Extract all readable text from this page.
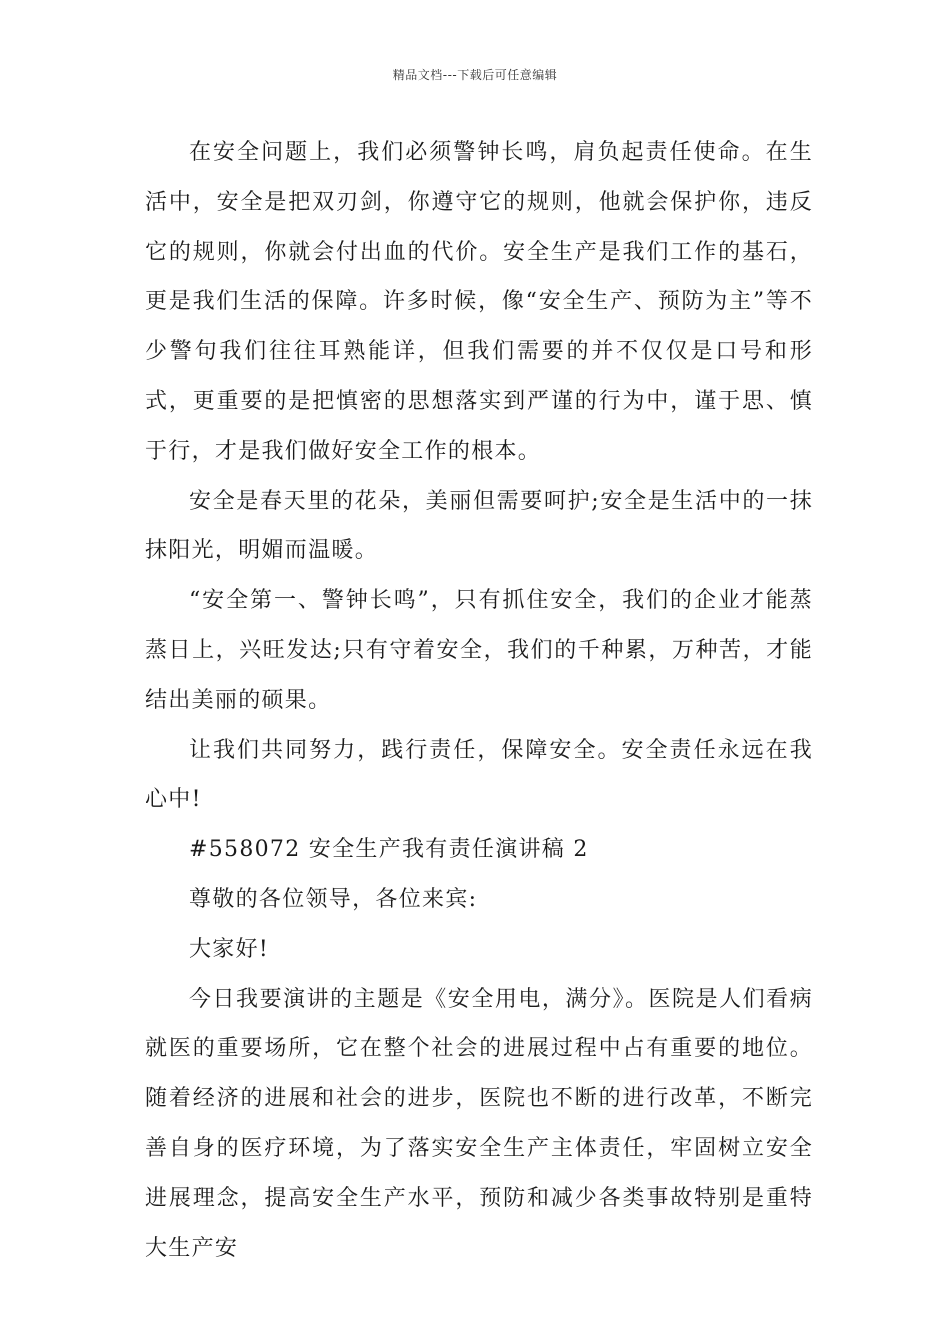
精品文档---下载后可任意编辑

在安全问题上，我们必须警钟长鸣，肩负起责任使命。在生活中，安全是把双刃剑，你遵守它的规则，他就会保护你，违反它的规则，你就会付出血的代价。安全生产是我们工作的基石，更是我们生活的保障。许多时候，像“安全生产、预防为主”等不少警句我们往往耳熟能详，但我们需要的并不仅仅是口号和形式，更重要的是把慎密的思想落实到严谨的行为中，谨于思、慎于行，才是我们做好安全工作的根本。

安全是春天里的花朵，美丽但需要呵护;安全是生活中的一抹抹阳光，明媚而温暖。

“安全第一、警钟长鸣”，只有抓住安全，我们的企业才能蒸蒸日上，兴旺发达;只有守着安全，我们的千种累，万种苦，才能结出美丽的硕果。

让我们共同努力，践行责任，保障安全。安全责任永远在我心中!

#558072 安全生产我有责任演讲稿 2

尊敬的各位领导，各位来宾:

大家好!

今日我要演讲的主题是《安全用电，满分》。医院是人们看病就医的重要场所，它在整个社会的进展过程中占有重要的地位。随着经济的进展和社会的进步，医院也不断的进行改革，不断完善自身的医疗环境，为了落实安全生产主体责任，牢固树立安全进展理念，提高安全生产水平，预防和减少各类事故特别是重特大生产安
